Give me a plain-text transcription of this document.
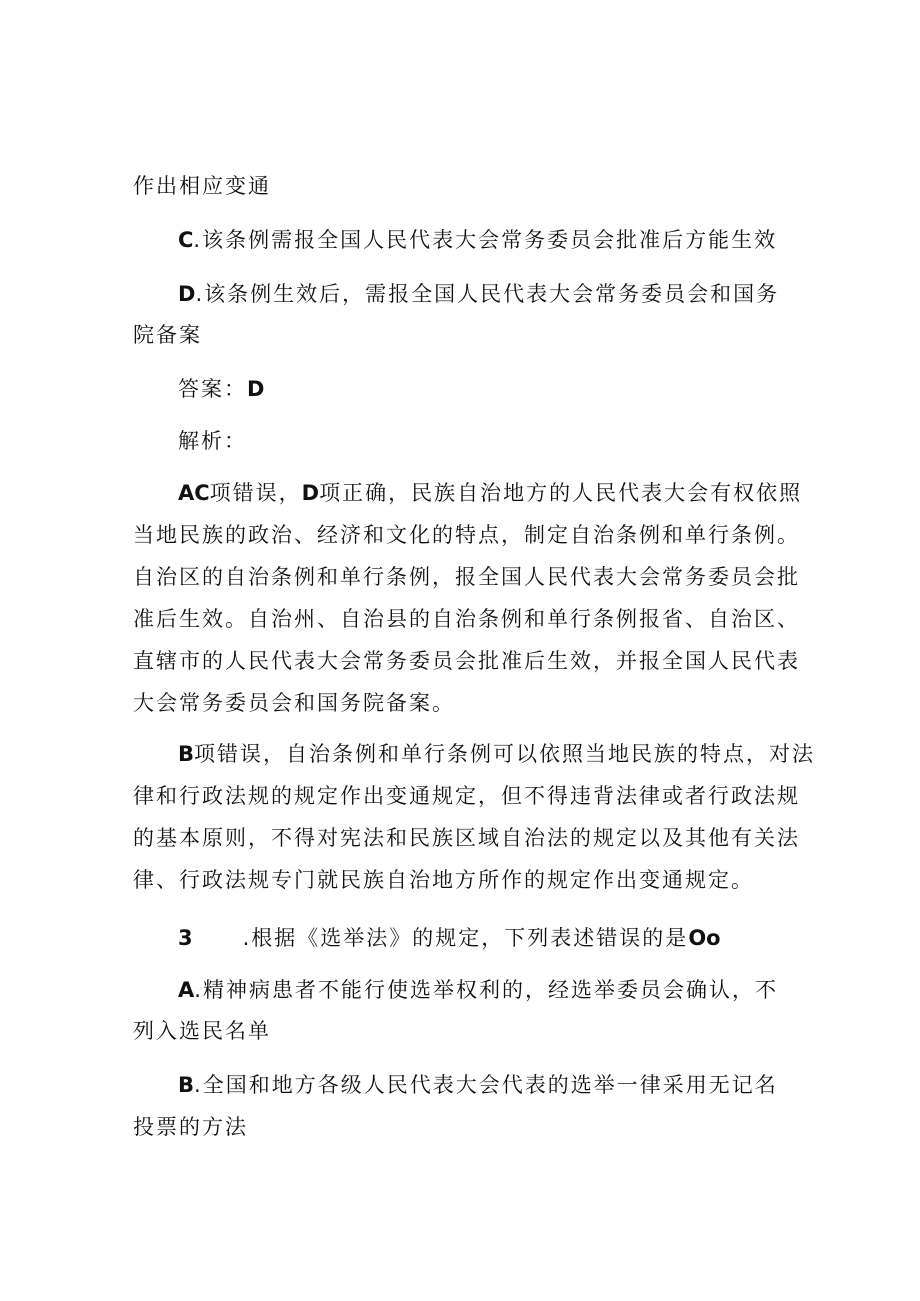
作出相应变通
C.该条例需报全国人民代表大会常务委员会批准后方能生效
D.该条例生效后，需报全国人民代表大会常务委员会和国务
院备案
答案：D
解析：
AC项错误，D项正确，民族自治地方的人民代表大会有权依照
当地民族的政治、经济和文化的特点，制定自治条例和单行条例。
自治区的自治条例和单行条例，报全国人民代表大会常务委员会批
准后生效。自治州、自治县的自治条例和单行条例报省、自治区、
直辖市的人民代表大会常务委员会批准后生效，并报全国人民代表
大会常务委员会和国务院备案。
B项错误，自治条例和单行条例可以依照当地民族的特点，对法
律和行政法规的规定作出变通规定，但不得违背法律或者行政法规
的基本原则，不得对宪法和民族区域自治法的规定以及其他有关法
律、行政法规专门就民族自治地方所作的规定作出变通规定。
3 .根据《选举法》的规定，下列表述错误的是Oo
A.精神病患者不能行使选举权利的，经选举委员会确认，不
列入选民名单
B.全国和地方各级人民代表大会代表的选举一律采用无记名
投票的方法
